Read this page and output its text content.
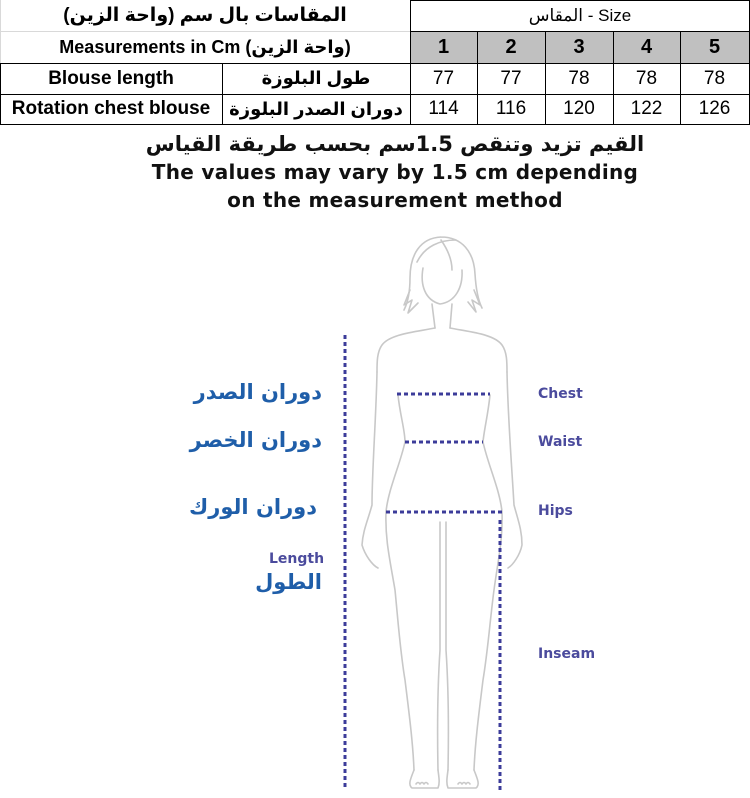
المقاسات بال سم (واحة الزين)
Measurements in Cm (واحة الزين)
المقاس - Size
1	2	3	4	5
Blouse length	طول البلوزة	77	77	78	78	78
Rotation chest blouse	دوران الصدر البلوزة	114	116	120	122	126
القيم تزيد وتنقص 1.5سم بحسب طريقة القياس
The values may vary by 1.5 cm depending
on the measurement method
دوران الصدر
دوران الخصر
دوران الورك
Length
الطول
Chest
Waist
Hips
Inseam
